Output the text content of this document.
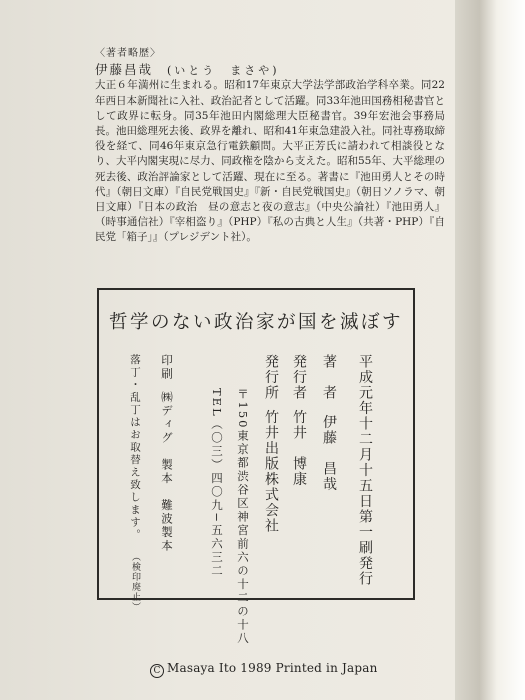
〈著者略歴〉
伊藤昌哉 (いとう　まさや)

大正６年満州に生まれる。昭和17年東京大学法学部政治学科卒業。同22年西日本新聞社に入社、政治記者として活躍。同33年池田国務相秘書官として政界に転身。同35年池田内閣総理大臣秘書官。39年宏池会事務局長。池田総理死去後、政界を離れ、昭和41年東急建設入社。同社専務取締役を経て、同46年東京急行電鉄顧問。大平正芳氏に請われて相談役となり、大平内閣実現に尽力、同政権を陰から支えた。昭和55年、大平総理の死去後、政治評論家として活躍、現在に至る。著書に『池田勇人とその時代』（朝日文庫）『自民党戦国史』『新・自民党戦国史』（朝日ソノラマ、朝日文庫）『日本の政治　昼の意志と夜の意志』（中央公論社）『池田勇人』（時事通信社）『宰相盗り』（PHP）『私の古典と人生』（共著・PHP）『自民党「箱子」』（プレジデント社）。

哲学のない政治家が国を滅ぼす
平成元年十二月十五日第一刷発行
著　者伊藤　昌哉
発行者竹井　博康
発行所竹井出版株式会社
〒150東京都渋谷区神宮前六の十二の十八
TEL（〇三）四〇九−五六三二
印刷㈱ディグ　製本　難波製本
落丁・乱丁はお取替え致します。
（検印廃止）
C Masaya Ito 1989 Printed in Japan
